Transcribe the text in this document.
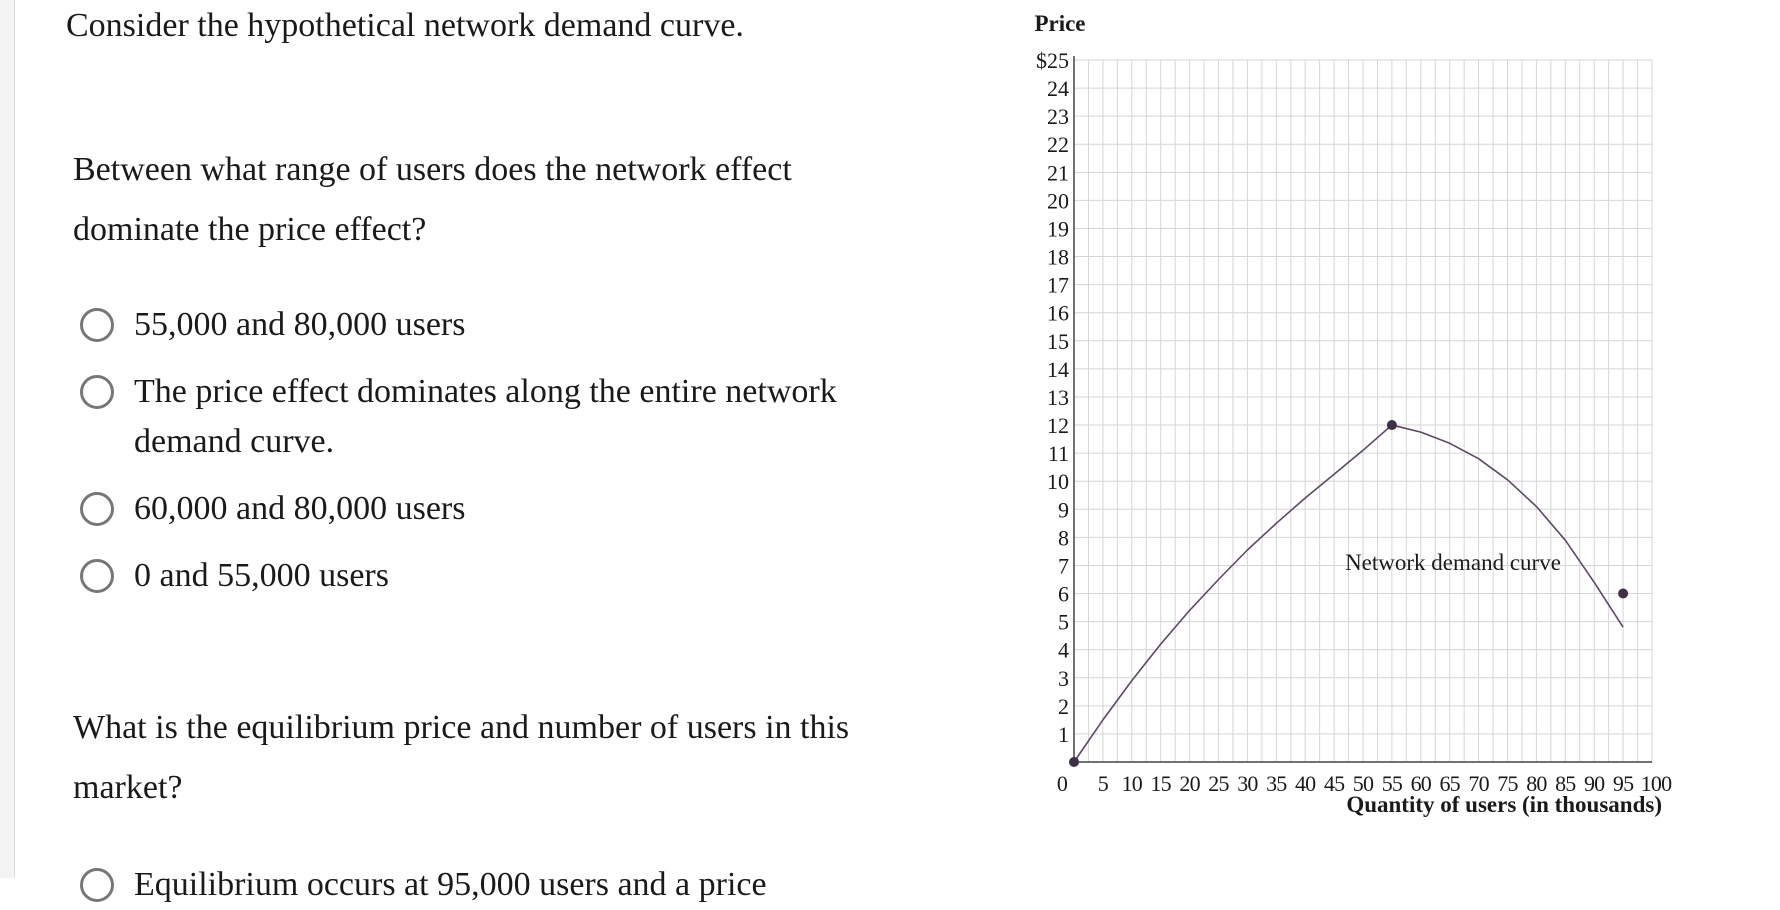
Consider the hypothetical network demand curve.
Between what range of users does the network effect dominate the price effect?
55,000 and 80,000 users
The price effect dominates along the entire network demand curve.
60,000 and 80,000 users
0 and 55,000 users
What is the equilibrium price and number of users in this market?
Equilibrium occurs at 95,000 users and a price
$25
24
23
22
21
20
19
18
17
16
15
14
13
12
11
10
9
8
7
6
5
4
3
2
1
0 5 10 15 20 25 30 35 40 45 50 55 60 65 70 75 80 85 90 95 100
Price
Quantity of users (in thousands)
Network demand curve
